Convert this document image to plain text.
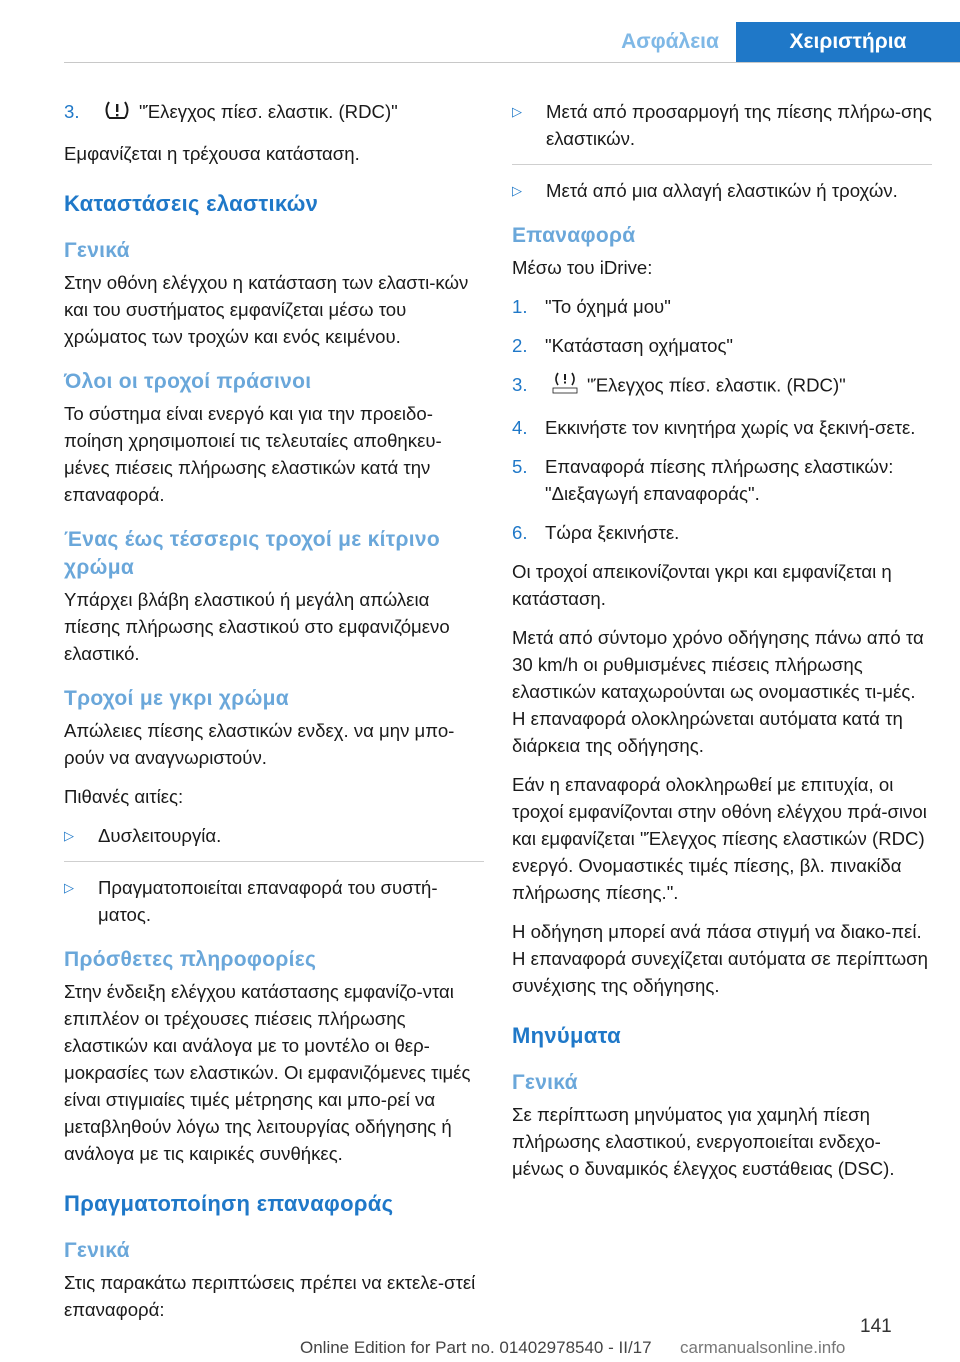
Ασφάλεια	Χειριστήρια
3.	"Έλεγχος πίεσ. ελαστικ. (RDC)"

Εμφανίζεται η τρέχουσα κατάσταση.

Καταστάσεις ελαστικών
Γενικά

Στην οθόνη ελέγχου η κατάσταση των ελαστι-κών και του συστήματος εμφανίζεται μέσω του χρώματος των τροχών και ενός κειμένου.

Όλοι οι τροχοί πράσινοι

Το σύστημα είναι ενεργό και για την προειδο-ποίηση χρησιμοποιεί τις τελευταίες αποθηκευ-μένες πιέσεις πλήρωσης ελαστικών κατά την επαναφορά.

Ένας έως τέσσερις τροχοί με κίτρινο χρώμα

Υπάρχει βλάβη ελαστικού ή μεγάλη απώλεια πίεσης πλήρωσης ελαστικού στο εμφανιζόμενο ελαστικό.

Τροχοί με γκρι χρώμα

Απώλειες πίεσης ελαστικών ενδεχ. να μην μπο-ρούν να αναγνωριστούν.

Πιθανές αιτίες:

▷	Δυσλειτουργία.
▷	Πραγματοποιείται επαναφορά του συστή-ματος.
Πρόσθετες πληροφορίες

Στην ένδειξη ελέγχου κατάστασης εμφανίζο-νται επιπλέον οι τρέχουσες πιέσεις πλήρωσης ελαστικών και ανάλογα με το μοντέλο οι θερ-μοκρασίες των ελαστικών. Οι εμφανιζόμενες τιμές είναι στιγμιαίες τιμές μέτρησης και μπο-ρεί να μεταβληθούν λόγω της λειτουργίας οδήγησης ή ανάλογα με τις καιρικές συνθήκες.

Πραγματοποίηση επαναφοράς
Γενικά

Στις παρακάτω περιπτώσεις πρέπει να εκτελε-στεί επαναφορά:

▷	Μετά από προσαρμογή της πίεσης πλήρω-σης ελαστικών.
▷	Μετά από μια αλλαγή ελαστικών ή τροχών.
Επαναφορά

Μέσω του iDrive:

1. "Το όχημά μου"
2. "Κατάσταση οχήματος"
3.	"Έλεγχος πίεσ. ελαστικ. (RDC)"
4. Εκκινήστε τον κινητήρα χωρίς να ξεκινή-σετε.
5. Επαναφορά πίεσης πλήρωσης ελαστικών: "Διεξαγωγή επαναφοράς".
6. Τώρα ξεκινήστε.

Οι τροχοί απεικονίζονται γκρι και εμφανίζεται η κατάσταση.

Μετά από σύντομο χρόνο οδήγησης πάνω από τα 30 km/h οι ρυθμισμένες πιέσεις πλήρωσης ελαστικών καταχωρούνται ως ονομαστικές τι-μές. Η επαναφορά ολοκληρώνεται αυτόματα κατά τη διάρκεια της οδήγησης.

Εάν η επαναφορά ολοκληρωθεί με επιτυχία, οι τροχοί εμφανίζονται στην οθόνη ελέγχου πρά-σινοι και εμφανίζεται "Έλεγχος πίεσης ελαστικών (RDC) ενεργό. Ονομαστικές τιμές πίεσης, βλ. πινακίδα πλήρωσης πίεσης.".

Η οδήγηση μπορεί ανά πάσα στιγμή να διακο-πεί. Η επαναφορά συνεχίζεται αυτόματα σε περίπτωση συνέχισης της οδήγησης.

Μηνύματα
Γενικά

Σε περίπτωση μηνύματος για χαμηλή πίεση πλήρωσης ελαστικού, ενεργοποιείται ενδεχο-μένως ο δυναμικός έλεγχος ευστάθειας (DSC).

141
Online Edition for Part no. 01402978540 - II/17 carmanualsonline.info
